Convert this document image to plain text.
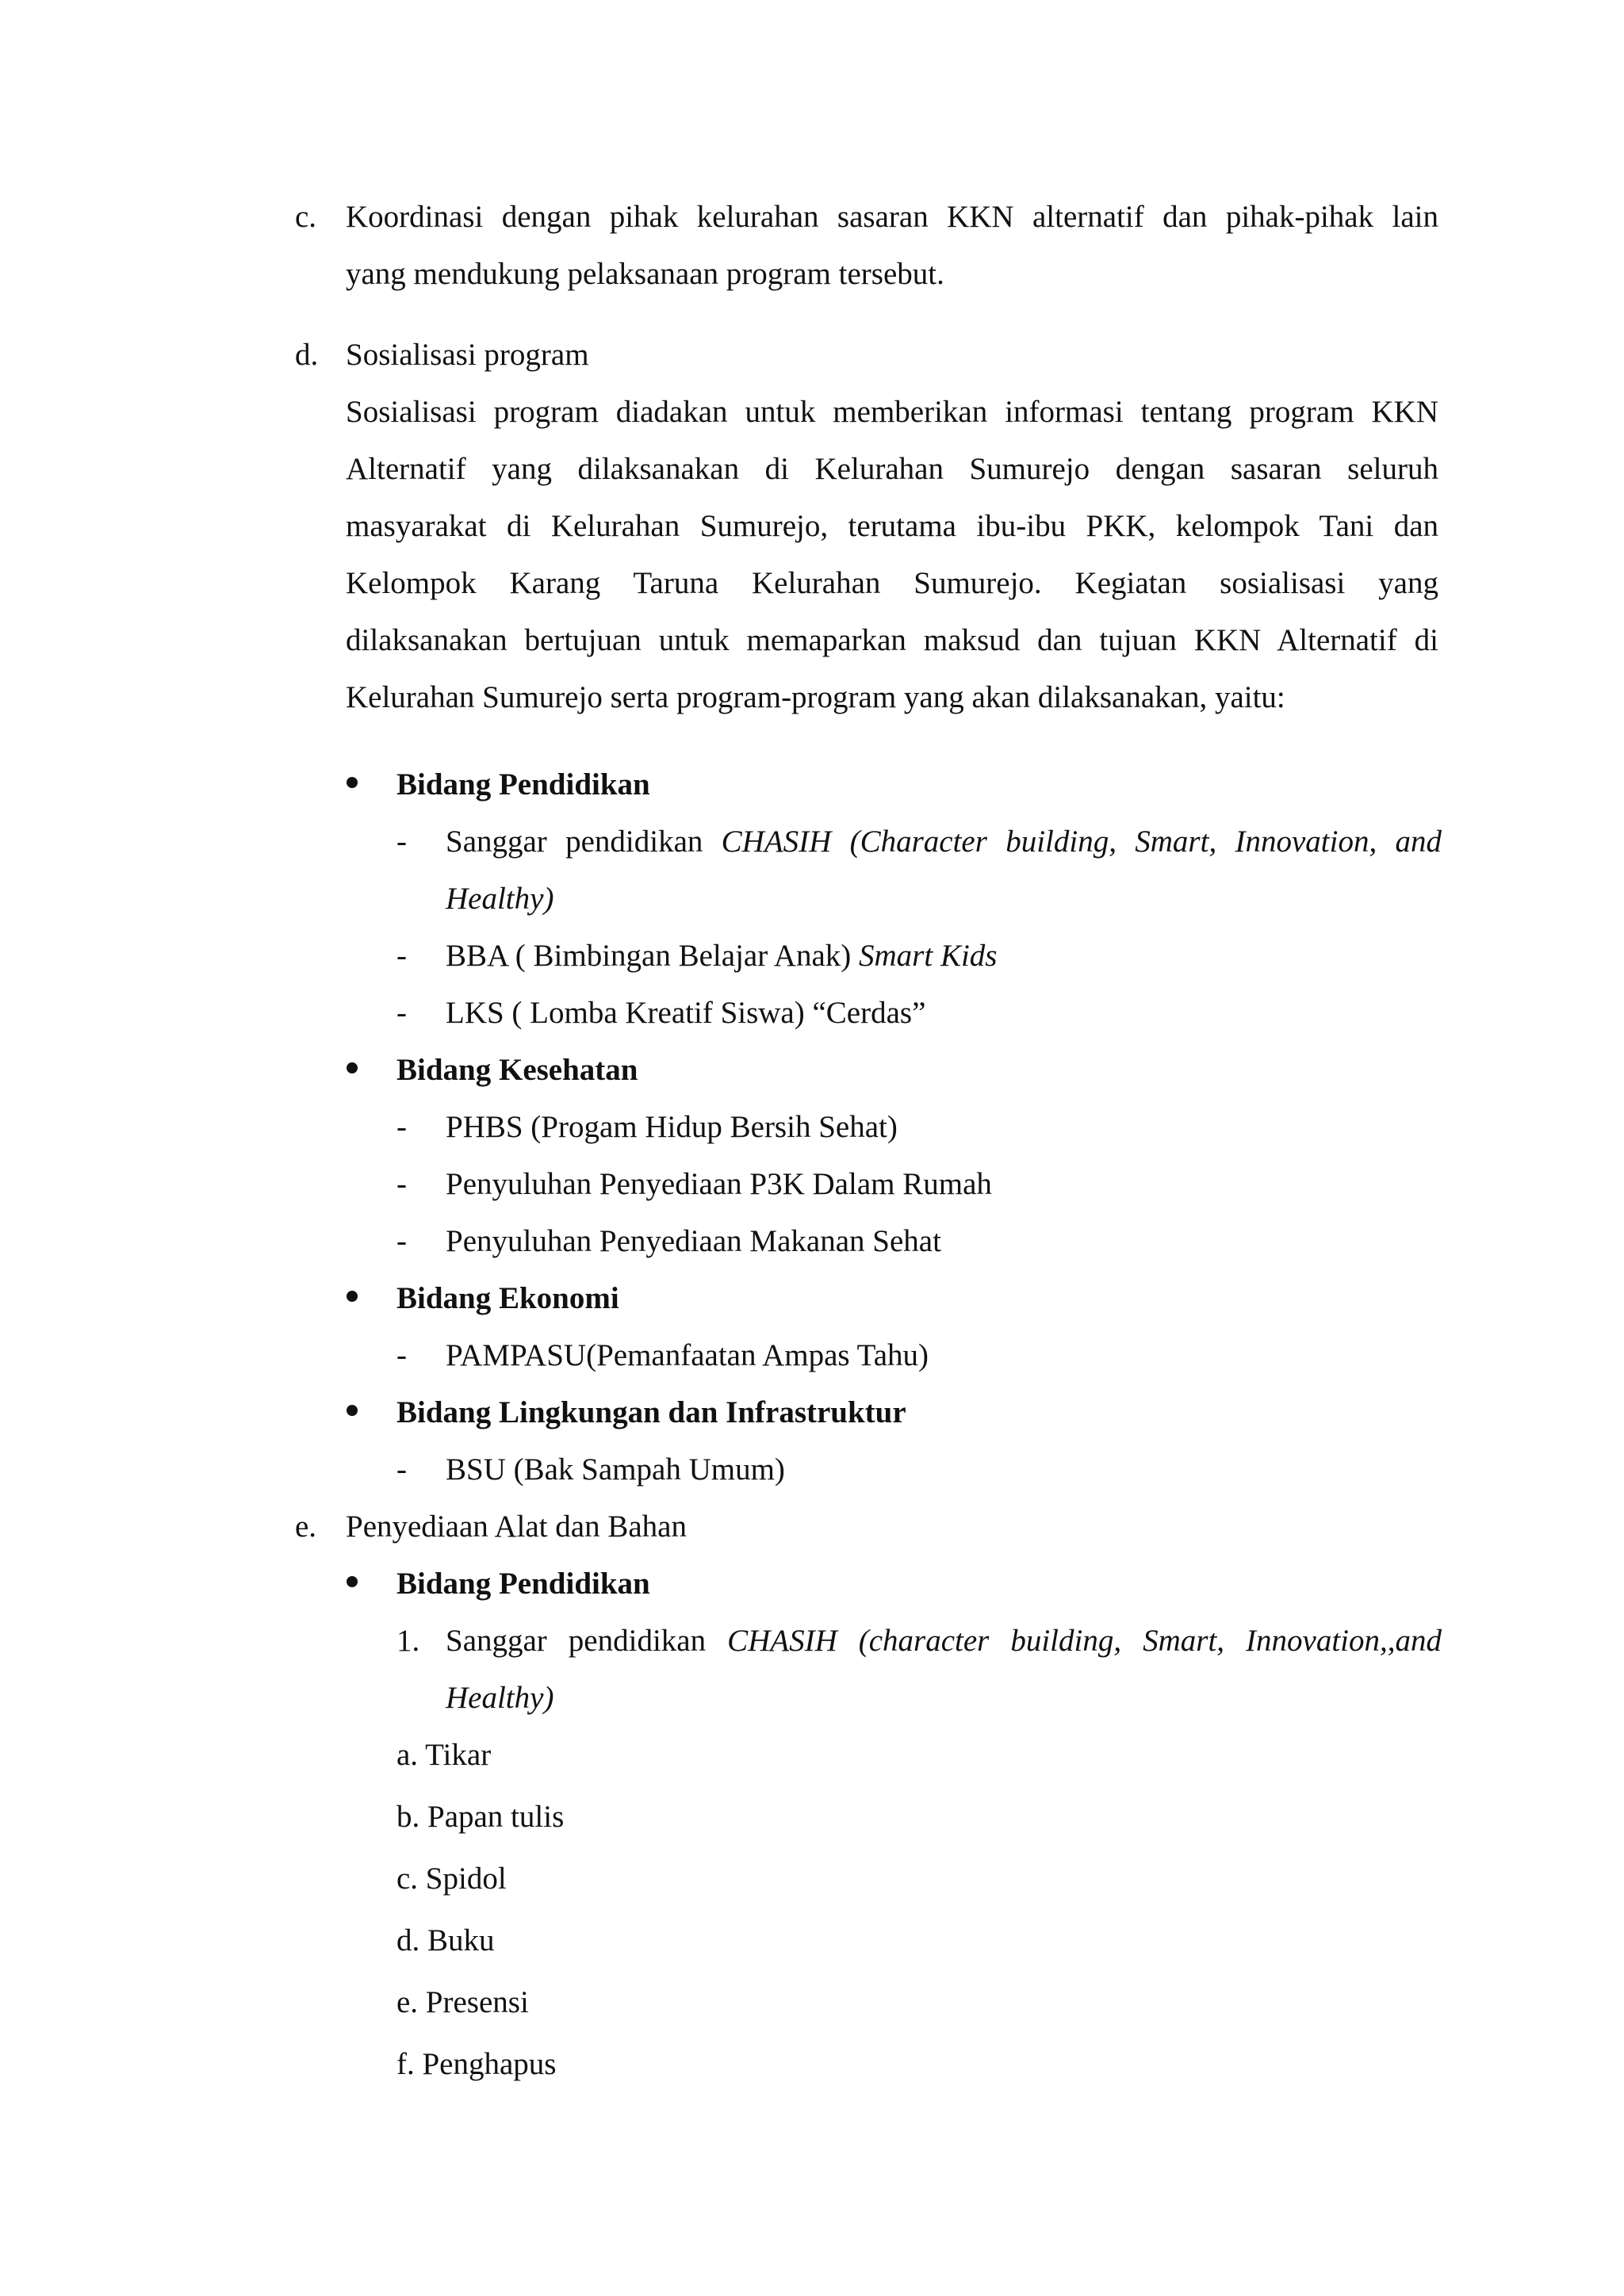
c. Koordinasi dengan pihak kelurahan sasaran KKN alternatif dan pihak-pihak lain
yang mendukung pelaksanaan program tersebut.
d. Sosialisasi program
Sosialisasi program diadakan untuk memberikan informasi tentang program KKN
Alternatif yang dilaksanakan di Kelurahan Sumurejo dengan sasaran seluruh
masyarakat di Kelurahan Sumurejo, terutama ibu-ibu PKK, kelompok Tani dan
Kelompok Karang Taruna Kelurahan Sumurejo. Kegiatan sosialisasi yang
dilaksanakan bertujuan untuk memaparkan maksud dan tujuan KKN Alternatif di
Kelurahan Sumurejo serta program-program yang akan dilaksanakan, yaitu:
Bidang Pendidikan
- Sanggar pendidikan CHASIH (Character building, Smart, Innovation, and
Healthy)
- BBA ( Bimbingan Belajar Anak) Smart Kids
- LKS ( Lomba Kreatif Siswa) “Cerdas”
Bidang Kesehatan
- PHBS (Progam Hidup Bersih Sehat)
- Penyuluhan Penyediaan P3K Dalam Rumah
- Penyuluhan Penyediaan Makanan Sehat
Bidang Ekonomi
- PAMPASU(Pemanfaatan Ampas Tahu)
Bidang Lingkungan dan Infrastruktur
- BSU (Bak Sampah Umum)
e. Penyediaan Alat dan Bahan
Bidang Pendidikan
1. Sanggar pendidikan CHASIH (character building, Smart, Innovation,,and
Healthy)
a. Tikar
b. Papan tulis
c. Spidol
d. Buku
e. Presensi
f. Penghapus
